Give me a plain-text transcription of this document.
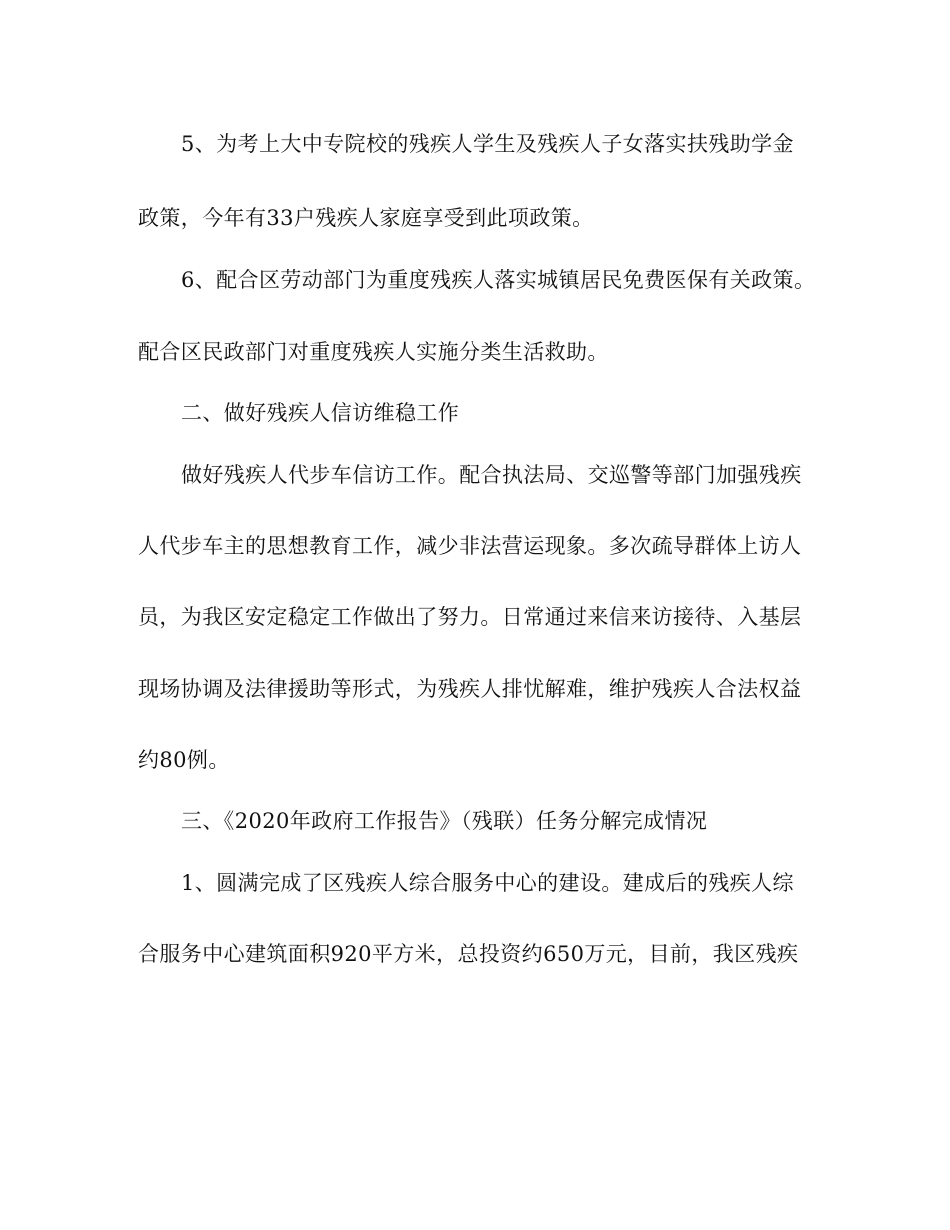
5、为考上大中专院校的残疾人学生及残疾人子女落实扶残助学金

政策，今年有33户残疾人家庭享受到此项政策。

6、配合区劳动部门为重度残疾人落实城镇居民免费医保有关政策。

配合区民政部门对重度残疾人实施分类生活救助。

二、做好残疾人信访维稳工作

做好残疾人代步车信访工作。配合执法局、交巡警等部门加强残疾

人代步车主的思想教育工作，减少非法营运现象。多次疏导群体上访人

员，为我区安定稳定工作做出了努力。日常通过来信来访接待、入基层

现场协调及法律援助等形式，为残疾人排忧解难，维护残疾人合法权益

约80例。

三、《2020年政府工作报告》（残联）任务分解完成情况

1、圆满完成了区残疾人综合服务中心的建设。建成后的残疾人综

合服务中心建筑面积920平方米，总投资约650万元，目前，我区残疾
